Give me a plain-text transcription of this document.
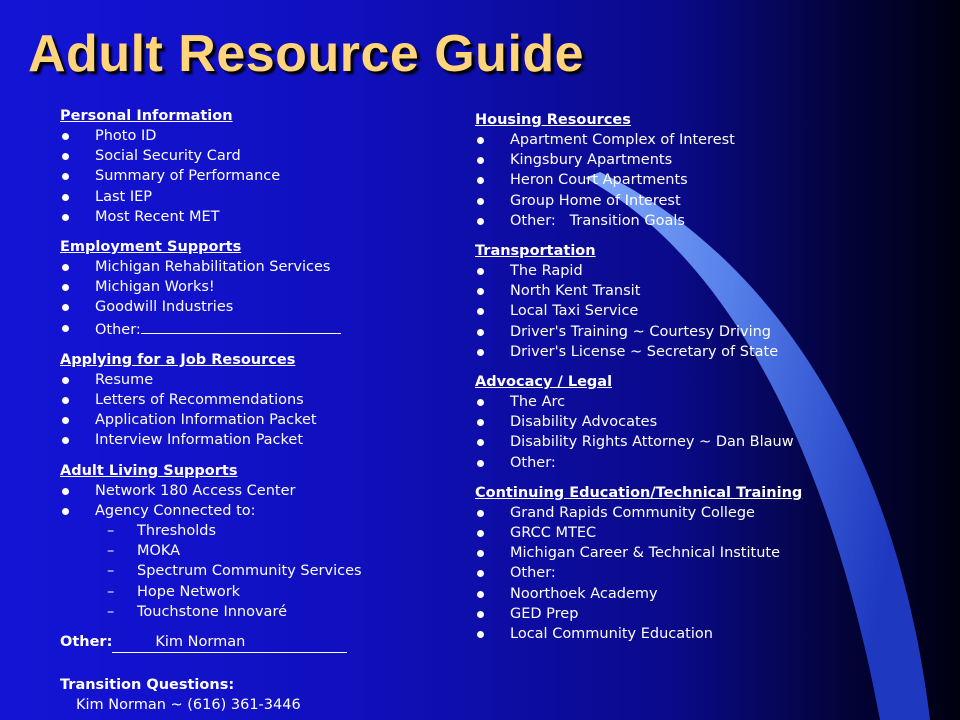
Adult Resource Guide
Personal Information
Photo ID
Social Security Card
Summary of Performance
Last IEP
Most Recent MET
Employment Supports
Michigan Rehabilitation Services
Michigan Works!
Goodwill Industries
Other:
Applying for a Job Resources
Resume
Letters of Recommendations
Application Information Packet
Interview Information Packet
Adult Living Supports
Network 180 Access Center
Agency Connected to:
– Thresholds
– MOKA
– Spectrum Community Services
– Hope Network
– Touchstone Innovaré
Other:	Kim Norman
Transition Questions:
Kim Norman ~ (616) 361-3446
Housing Resources
Apartment Complex of Interest
Kingsbury Apartments
Heron Court Apartments
Group Home of Interest
Other:   Transition Goals
Transportation
The Rapid
North Kent Transit
Local Taxi Service
Driver's Training ~ Courtesy Driving
Driver's License ~ Secretary of State
Advocacy / Legal
The Arc
Disability Advocates
Disability Rights Attorney ~ Dan Blauw
Other:
Continuing Education/Technical Training
Grand Rapids Community College
GRCC MTEC
Michigan Career & Technical Institute
Other:
Noorthoek Academy
GED Prep
Local Community Education
